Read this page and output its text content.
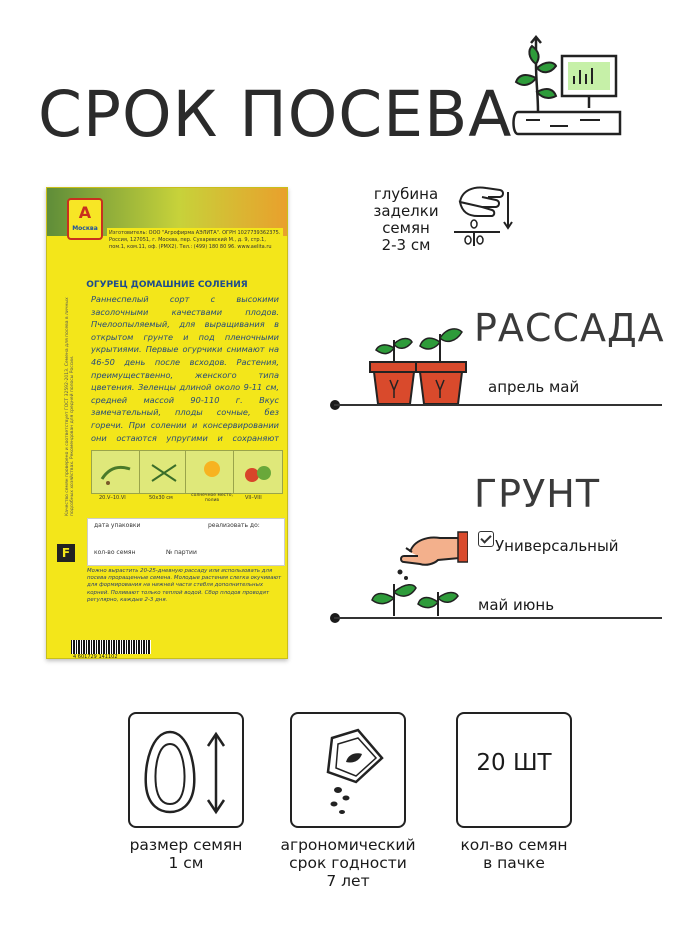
СРОК ПОСЕВА
А
Москва
Изготовитель: ООО "Агрофирма АЭЛИТА". ОГРН 1027739362375. Россия, 127051, г. Москва, пер. Сухаревский М., д. 9, стр.1, пом.1, ком.11, оф. (РМХ2). Тел.: (499) 180 80 96. www.aelita.ru
ОГУРЕЦ ДОМАШНИЕ СОЛЕНИЯ
Качество семян проверено и соответствует ГОСТ 32592-2013. Семена для посева в личных подсобных хозяйствах. Рекомендован для средней полосы России.
Раннеспелый сорт с высокими засолочными качествами плодов. Пчелоопыляемый, для выращивания в открытом грунте и под пленочными укрытиями. Первые огурчики снимают на 46-50 день после всходов. Растения, преимущественно, женского типа цветения. Зеленцы длиной около 9-11 см, средней массой 90-110 г. Вкус замечательный, плоды сочные, без горечи. При солении и консервировании они остаются упругими и сохраняют
20.V–10.VI	50x30 см	солнечное место, полив	VII–VIII
дата упаковки	реализовать до:
кол-во семян	№ партии
F
Можно вырастить 20-25-дневную рассаду или использовать для посева проращенные семена. Молодые растения слегка окучивают для формирования на нижней части стебля дополнительных корней. Поливают только теплой водой. Сбор плодов проводят регулярно, каждые 2-3 дня.
4 601729 141102
глубина
заделки
семян
2-3 см
РАССАДА
апрель май
ГРУНТ
Универсальный
май июнь
20 ШТ
размер семян
1 см
агрономический
срок годности
7 лет
кол-во семян
в пачке
